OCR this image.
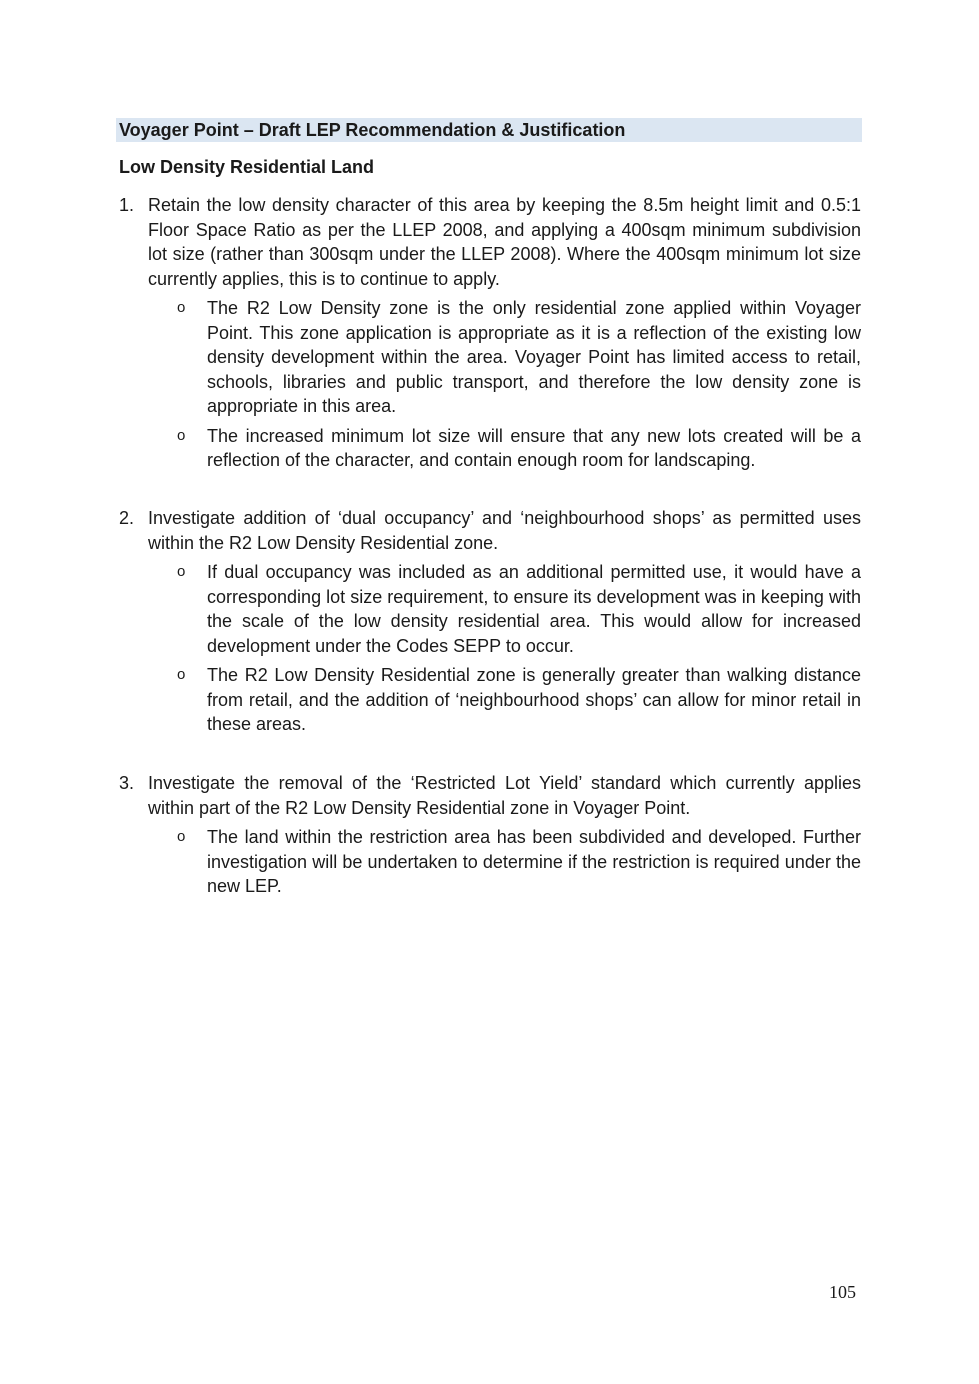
Voyager Point – Draft LEP Recommendation & Justification
Low Density Residential Land
1. Retain the low density character of this area by keeping the 8.5m height limit and 0.5:1 Floor Space Ratio as per the LLEP 2008, and applying a 400sqm minimum subdivision lot size (rather than 300sqm under the LLEP 2008). Where the 400sqm minimum lot size currently applies, this is to continue to apply.
o The R2 Low Density zone is the only residential zone applied within Voyager Point. This zone application is appropriate as it is a reflection of the existing low density development within the area. Voyager Point has limited access to retail, schools, libraries and public transport, and therefore the low density zone is appropriate in this area.
o The increased minimum lot size will ensure that any new lots created will be a reflection of the character, and contain enough room for landscaping.
2. Investigate addition of ‘dual occupancy’ and ‘neighbourhood shops’ as permitted uses within the R2 Low Density Residential zone.
o If dual occupancy was included as an additional permitted use, it would have a corresponding lot size requirement, to ensure its development was in keeping with the scale of the low density residential area. This would allow for increased development under the Codes SEPP to occur.
o The R2 Low Density Residential zone is generally greater than walking distance from retail, and the addition of ‘neighbourhood shops’ can allow for minor retail in these areas.
3. Investigate the removal of the ‘Restricted Lot Yield’ standard which currently applies within part of the R2 Low Density Residential zone in Voyager Point.
o The land within the restriction area has been subdivided and developed. Further investigation will be undertaken to determine if the restriction is required under the new LEP.
105
